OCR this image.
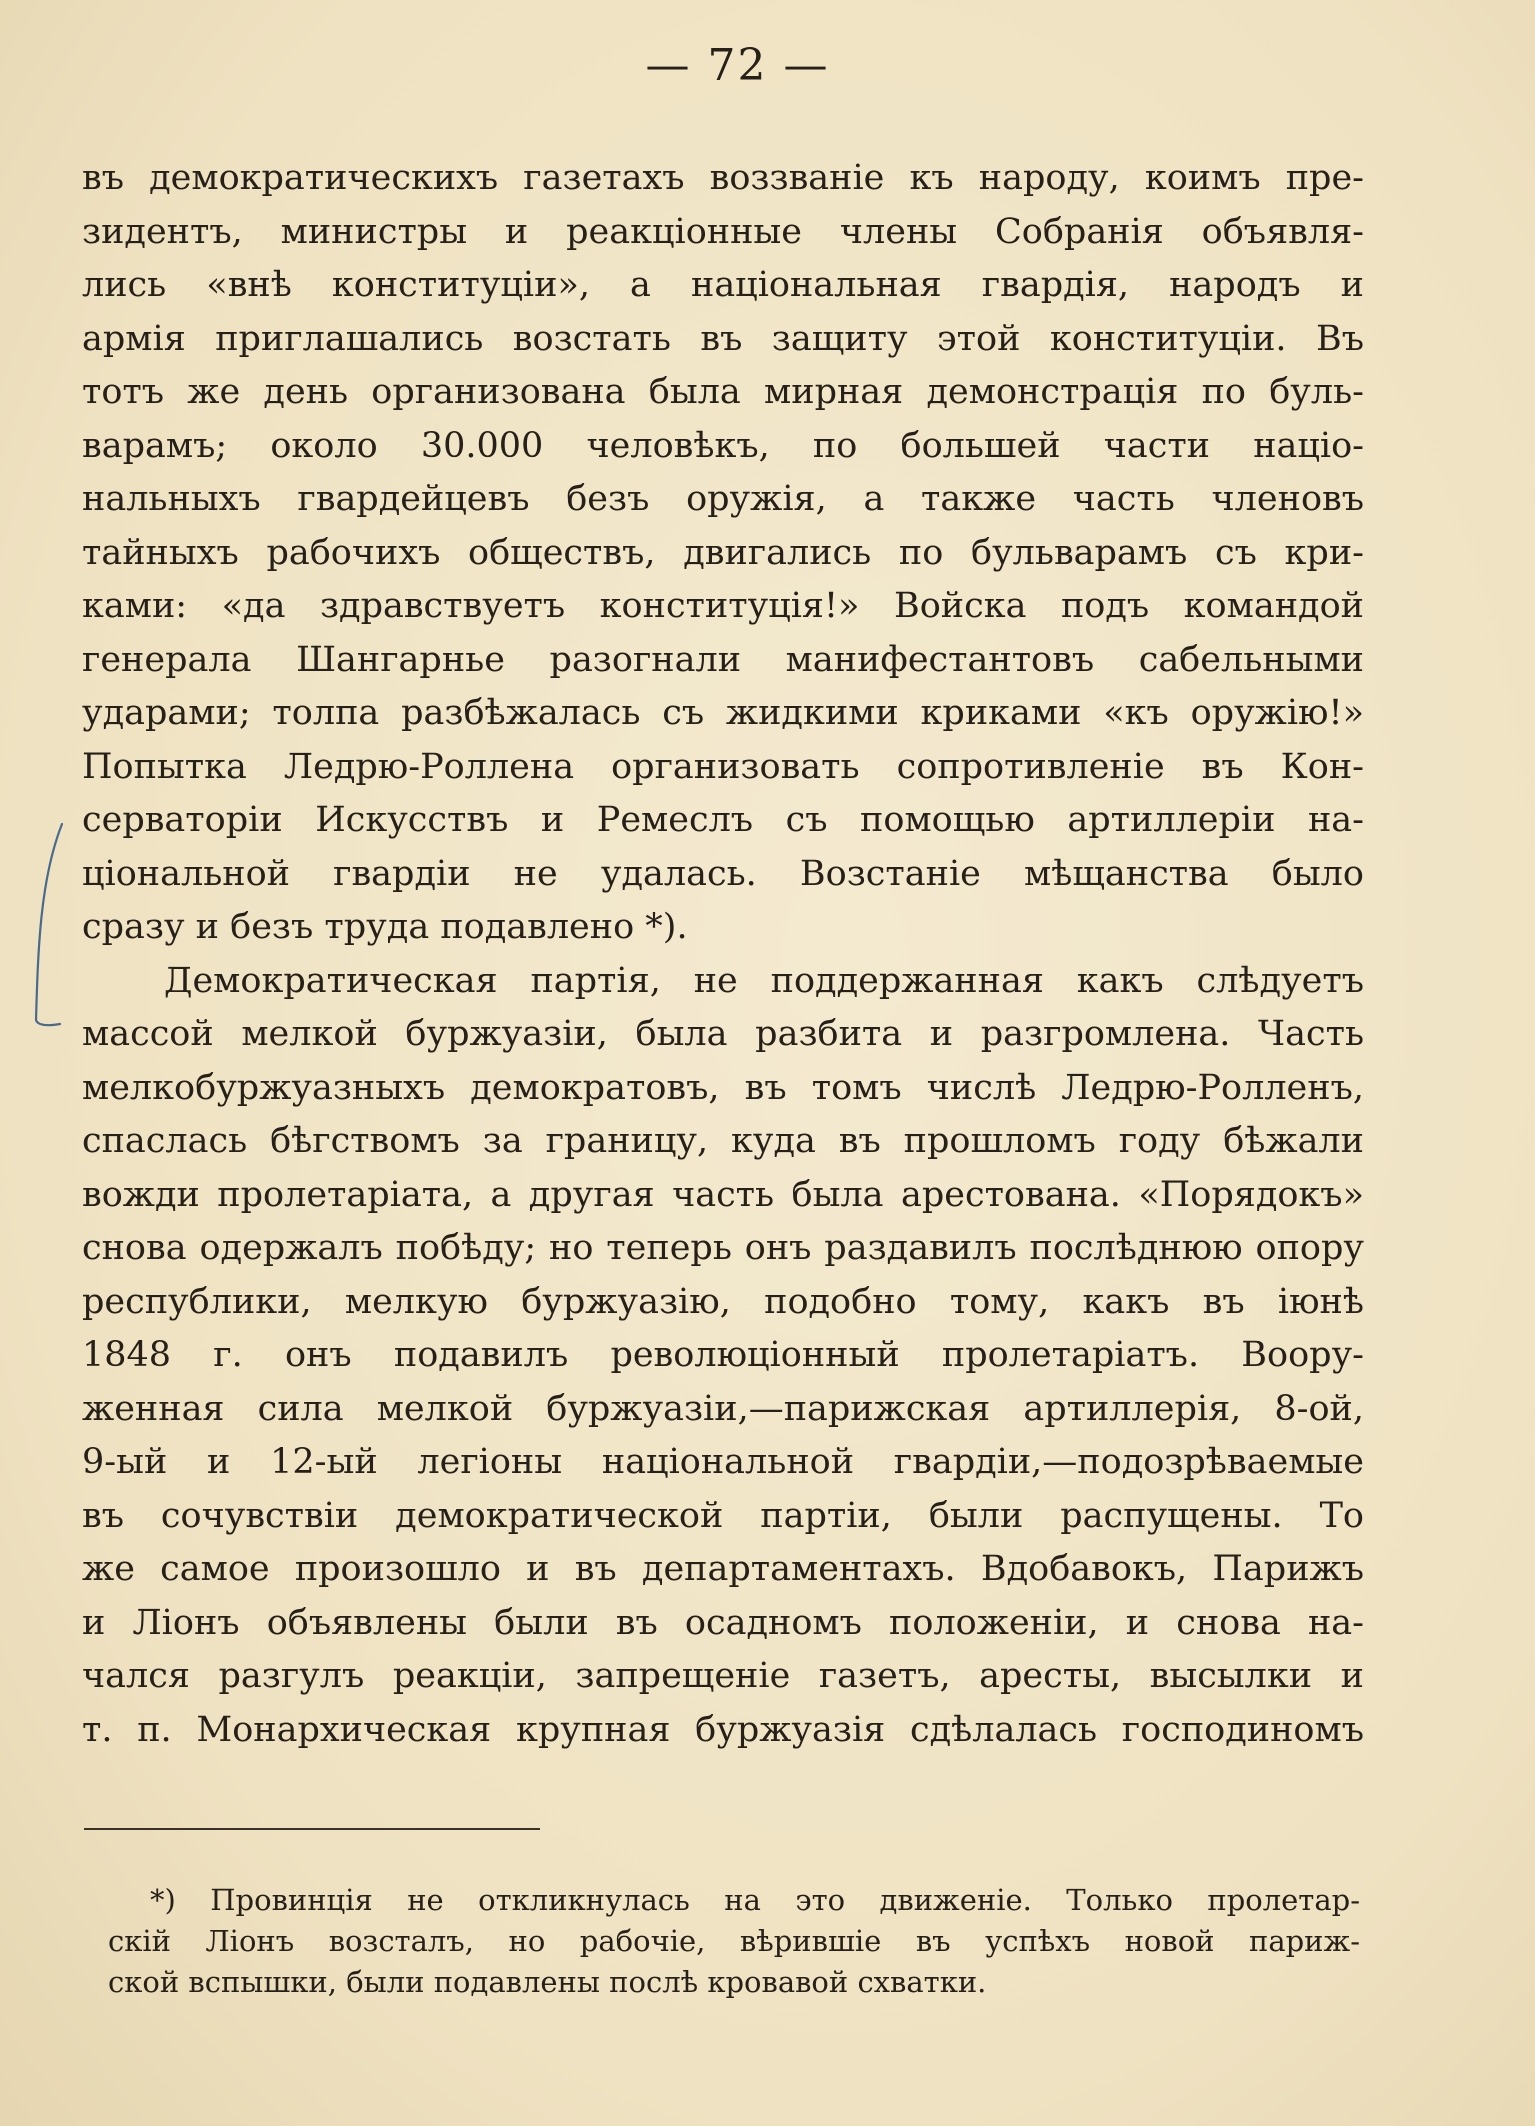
— 72 —
въ демократическихъ газетахъ воззваніе къ народу, коимъ пре-
зидентъ, министры и реакціонные члены Собранія объявля-
лись «внѣ конституціи», а національная гвардія, народъ и
армія приглашались возстать въ защиту этой конституціи. Въ
тотъ же день организована была мирная демонстрація по буль-
варамъ; около 30.000 человѣкъ, по большей части націо-
нальныхъ гвардейцевъ безъ оружія, а также часть членовъ
тайныхъ рабочихъ обществъ, двигались по бульварамъ съ кри-
ками: «да здравствуетъ конституція!» Войска подъ командой
генерала Шангарнье разогнали манифестантовъ сабельными
ударами; толпа разбѣжалась съ жидкими криками «къ оружію!»
Попытка Ледрю-Роллена организовать сопротивленіе въ Кон-
серваторіи Искусствъ и Ремеслъ съ помощью артиллеріи на-
ціональной гвардіи не удалась. Возстаніе мѣщанства было
сразу и безъ труда подавлено *).
Демократическая партія, не поддержанная какъ слѣдуетъ
массой мелкой буржуазіи, была разбита и разгромлена. Часть
мелкобуржуазныхъ демократовъ, въ томъ числѣ Ледрю-Ролленъ,
спаслась бѣгствомъ за границу, куда въ прошломъ году бѣжали
вожди пролетаріата, а другая часть была арестована. «Порядокъ»
снова одержалъ побѣду; но теперь онъ раздавилъ послѣднюю опору
республики, мелкую буржуазію, подобно тому, какъ въ іюнѣ
1848 г. онъ подавилъ революціонный пролетаріатъ. Воору-
женная сила мелкой буржуазіи,—парижская артиллерія, 8-ой,
9-ый и 12-ый легіоны національной гвардіи,—подозрѣваемые
въ сочувствіи демократической партіи, были распущены. То
же самое произошло и въ департаментахъ. Вдобавокъ, Парижъ
и Ліонъ объявлены были въ осадномъ положеніи, и снова на-
чался разгулъ реакціи, запрещеніе газетъ, аресты, высылки и
т. п. Монархическая крупная буржуазія сдѣлалась господиномъ
*) Провинція не откликнулась на это движеніе. Только пролетар-
скій Ліонъ возсталъ, но рабочіе, вѣрившіе въ успѣхъ новой париж-
ской вспышки, были подавлены послѣ кровавой схватки.
